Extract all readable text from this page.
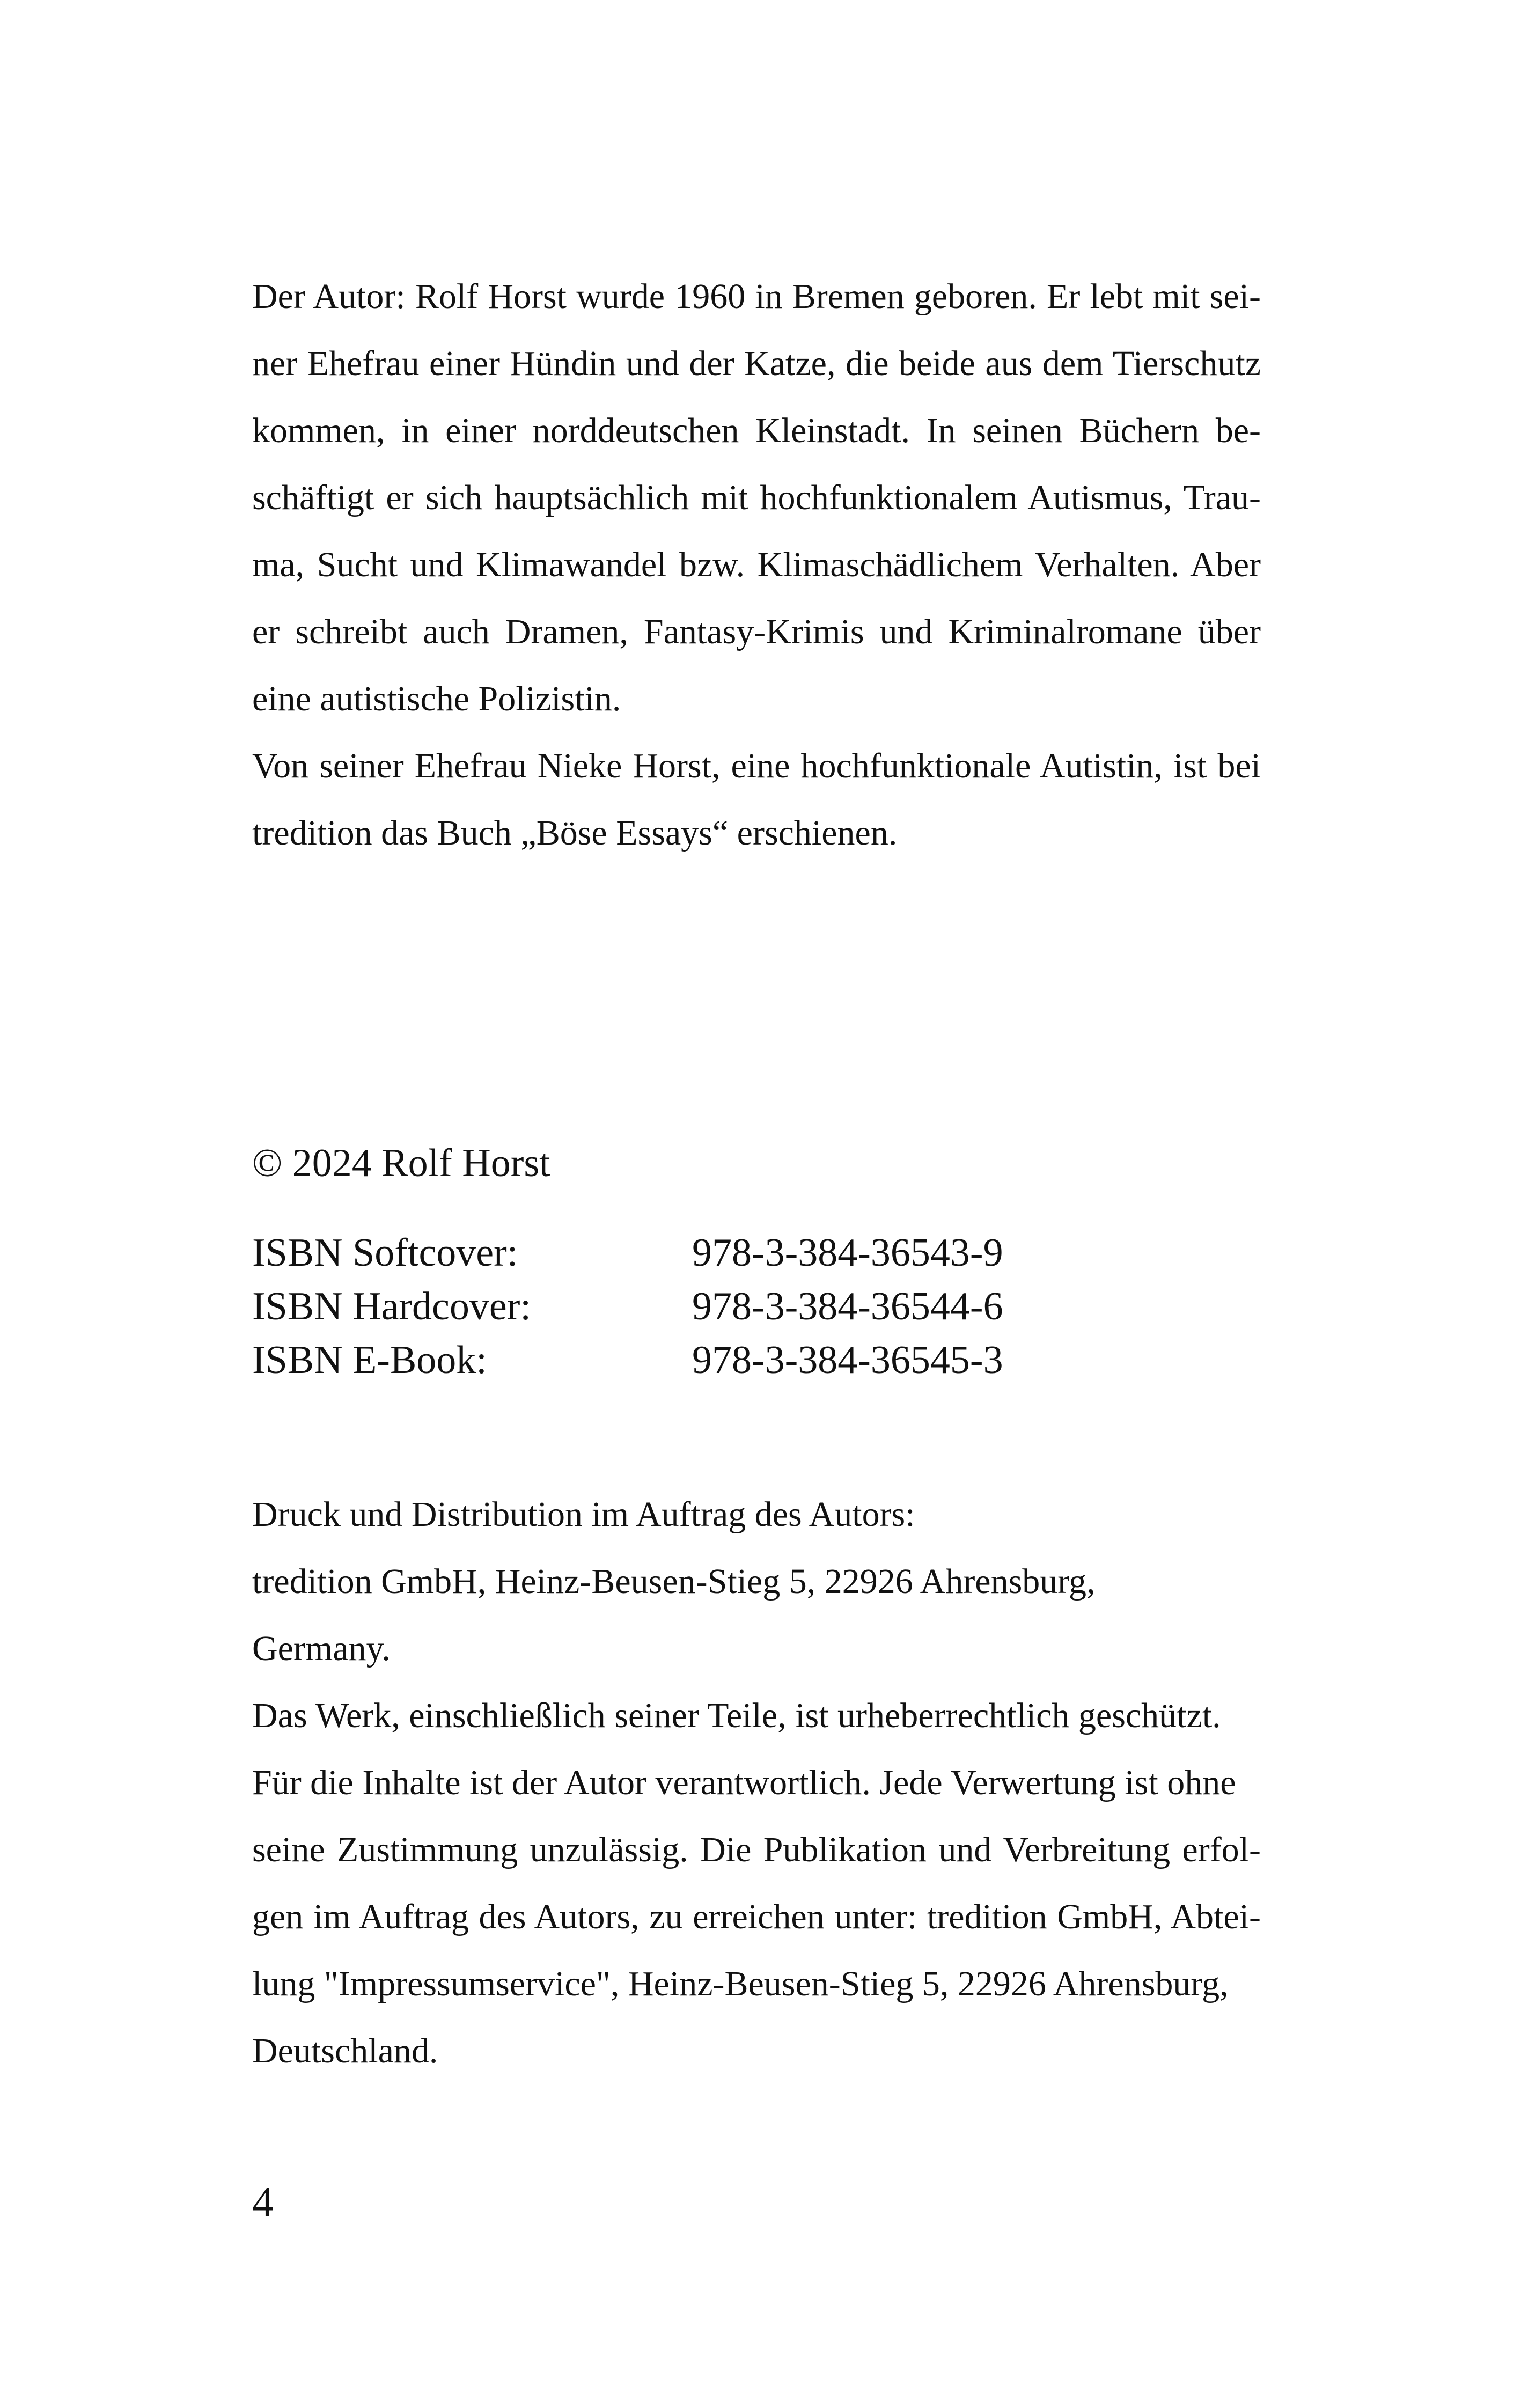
Der Autor: Rolf Horst wurde 1960 in Bremen geboren. Er lebt mit sei-
ner Ehefrau einer Hündin und der Katze, die beide aus dem Tierschutz
kommen, in einer norddeutschen Kleinstadt. In seinen Büchern be-
schäftigt er sich hauptsächlich mit hochfunktionalem Autismus, Trau-
ma, Sucht und Klimawandel bzw. Klimaschädlichem Verhalten. Aber
er schreibt auch Dramen, Fantasy-Krimis und Kriminalromane über
eine autistische Polizistin.
Von seiner Ehefrau Nieke Horst, eine hochfunktionale Autistin, ist bei
tredition das Buch „Böse Essays“ erschienen.
© 2024 Rolf Horst
ISBN Softcover:	978-3-384-36543-9
ISBN Hardcover:	978-3-384-36544-6
ISBN E-Book:	978-3-384-36545-3
Druck und Distribution im Auftrag des Autors:
tredition GmbH, Heinz-Beusen-Stieg 5, 22926 Ahrensburg,
Germany.
Das Werk, einschließlich seiner Teile, ist urheberrechtlich geschützt.
Für die Inhalte ist der Autor verantwortlich. Jede Verwertung ist ohne
seine Zustimmung unzulässig. Die Publikation und Verbreitung erfol-
gen im Auftrag des Autors, zu erreichen unter: tredition GmbH, Abtei-
lung "Impressumservice", Heinz-Beusen-Stieg 5, 22926 Ahrensburg,
Deutschland.
4
